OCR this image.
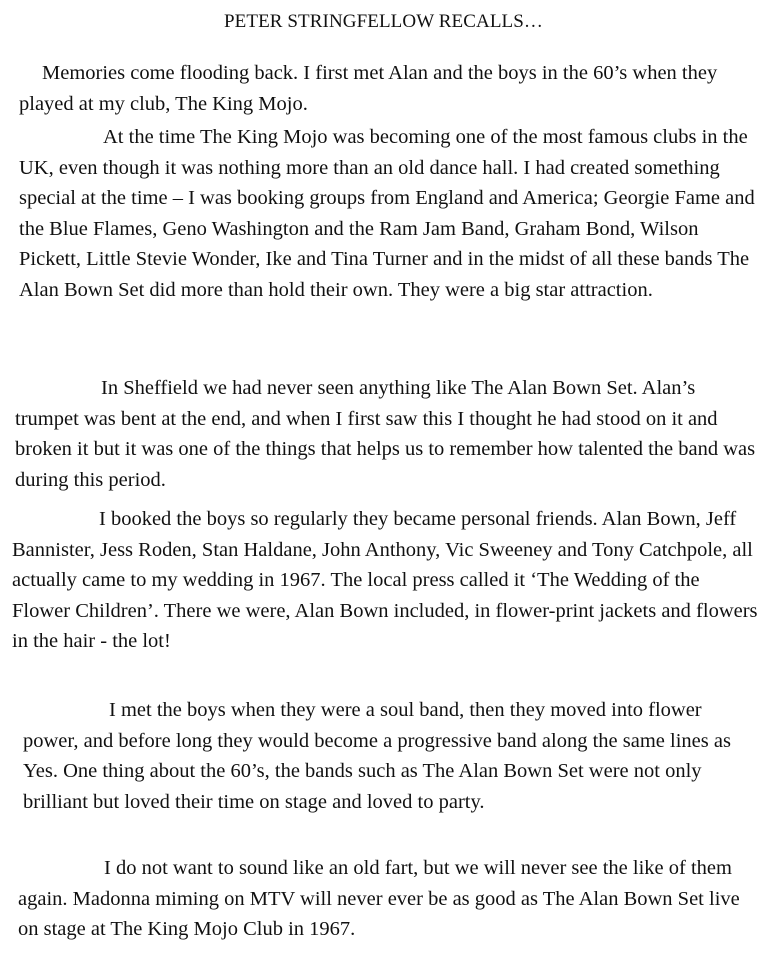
PETER STRINGFELLOW RECALLS…

Memories come flooding back. I first met Alan and the boys in the 60’s when they played at my club, The King Mojo.

At the time The King Mojo was becoming one of the most famous clubs in the UK, even though it was nothing more than an old dance hall. I had created something special at the time – I was booking groups from England and America; Georgie Fame and the Blue Flames, Geno Washington and the Ram Jam Band, Graham Bond, Wilson Pickett, Little Stevie Wonder, Ike and Tina Turner and in the midst of all these bands The Alan Bown Set did more than hold their own. They were a big star attraction.

In Sheffield we had never seen anything like The Alan Bown Set. Alan’s trumpet was bent at the end, and when I first saw this I thought he had stood on it and broken it but it was one of the things that helps us to remember how talented the band was during this period.

I booked the boys so regularly they became personal friends. Alan Bown, Jeff Bannister, Jess Roden, Stan Haldane, John Anthony, Vic Sweeney and Tony Catchpole, all actually came to my wedding in 1967. The local press called it ‘The Wedding of the Flower Children’. There we were, Alan Bown included, in flower-print jackets and flowers in the hair - the lot!

I met the boys when they were a soul band, then they moved into flower power, and before long they would become a progressive band along the same lines as Yes. One thing about the 60’s, the bands such as The Alan Bown Set were not only brilliant but loved their time on stage and loved to party.

I do not want to sound like an old fart, but we will never see the like of them again. Madonna miming on MTV will never ever be as good as The Alan Bown Set live on stage at The King Mojo Club in 1967.
